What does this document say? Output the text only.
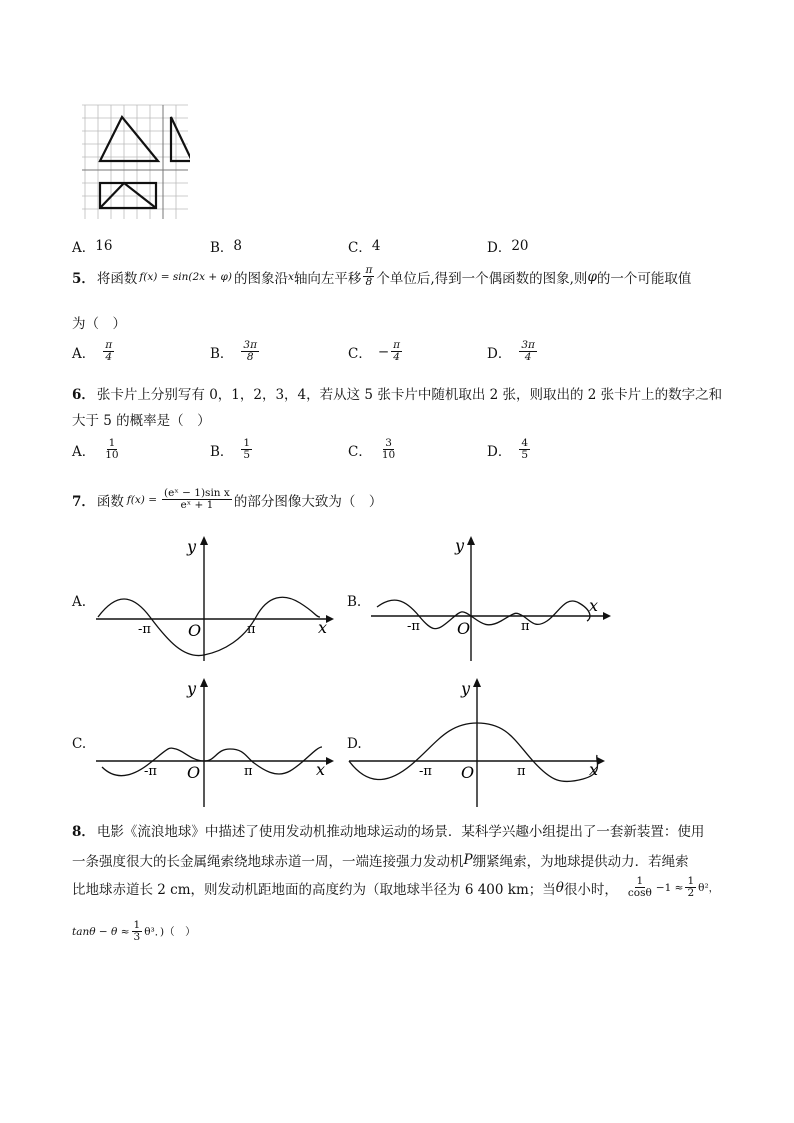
A． 16	B． 8	C． 4	D． 20
5． 将函数 f(x) = sin(2x + φ) 的图象沿 x 轴向左平移 $\frac{\pi}{8}$ 个单位后,得到一个偶函数的图象,则 φ 的一个可能取值
为（　）
A． $\frac{\pi}{4}$	B． $\frac{3\pi}{8}$	C． − $\frac{\pi}{4}$	D． $\frac{3\pi}{4}$
6． 张卡片上分别写有 0，1，2，3，4，若从这 5 张卡片中随机取出 2 张，则取出的 2 张卡片上的数字之和
大于 5 的概率是（　）
A． $\frac{1}{10}$	B． $\frac{1}{5}$	C． $\frac{3}{10}$	D． $\frac{4}{5}$
7． 函数 $f(x) = \frac{\text{(eˣ − 1)sin x}}{\text{eˣ + 1}}$ 的部分图像大致为（　）
A.
y
x
O
-π	π
B.
y
x
O
-π	π
C.
y
x
O
-π	π
D.
y
x
O
-π	π
8． 电影《流浪地球》中描述了使用发动机推动地球运动的场景．某科学兴趣小组提出了一套新装置：使用
一条强度很大的长金属绳索绕地球赤道一周，一端连接强力发动机 P 绷紧绳索，为地球提供动力．若绳索
比地球赤道长 2 cm，则发动机距地面的高度约为（取地球半径为 6 400 km；当 θ 很小时， $\frac{1}{\cos\theta} -1 \approx \frac{1}{2} \theta^2$，
$\tan\theta - \theta \approx \frac{1}{3} \theta^3$．)（　）
